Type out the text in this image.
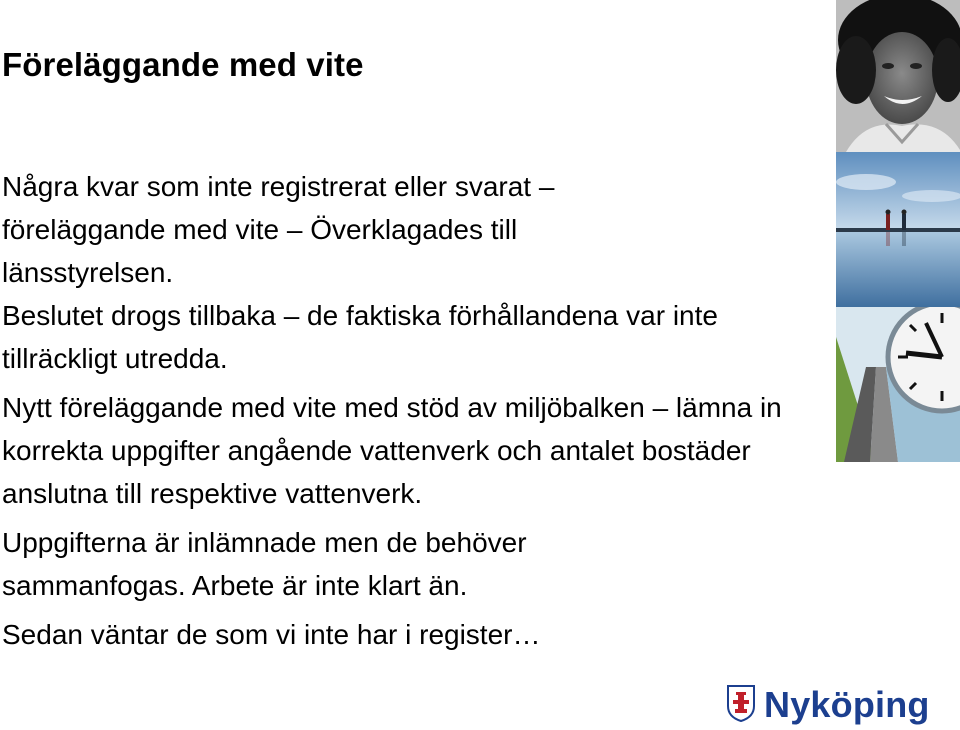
Föreläggande med vite

Några kvar som inte registrerat eller svarat – föreläggande med vite – Överklagades till länsstyrelsen.

Beslutet drogs tillbaka – de faktiska förhållandena var inte tillräckligt utredda.

Nytt föreläggande med vite med stöd av miljöbalken – lämna in korrekta uppgifter angående vattenverk och antalet bostäder anslutna till respektive vattenverk.

Uppgifterna är inlämnade men de behöver sammanfogas. Arbete är inte klart än.

Sedan väntar de som vi inte har i register…

Nyköping
